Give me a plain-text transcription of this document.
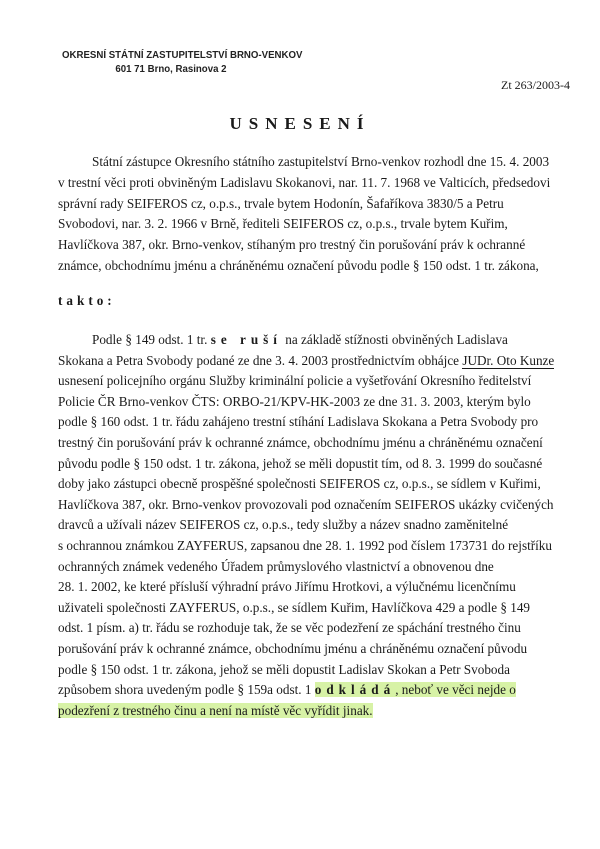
OKRESNÍ STÁTNÍ ZASTUPITELSTVÍ BRNO-VENKOV
601 71 Brno, Rasinova 2
Zt 263/2003-4
USNESENÍ
Státní zástupce Okresního státního zastupitelství Brno-venkov rozhodl dne 15. 4. 2003
v trestní věci proti obviněným Ladislavu Skokanovi, nar. 11. 7. 1968 ve Valticích, předsedovi
správní rady SEIFEROS cz, o.p.s., trvale bytem Hodonín, Šafaříkova 3830/5 a Petru
Svobodovi, nar. 3. 2. 1966 v Brně, řediteli SEIFEROS cz, o.p.s., trvale bytem Kuřim,
Havlíčkova 387, okr. Brno-venkov, stíhaným pro trestný čin porušování práv k ochranné
známce, obchodnímu jménu a chráněnému označení původu podle § 150 odst. 1 tr. zákona,
takto:
Podle § 149 odst. 1 tr. se ruší na základě stížnosti obviněných Ladislava
Skokana a Petra Svobody podané ze dne 3. 4. 2003 prostřednictvím obhájce JUDr. Oto Kunze
usnesení policejního orgánu Služby kriminální policie a vyšetřování Okresního ředitelství
Policie ČR Brno-venkov ČTS: ORBO-21/KPV-HK-2003 ze dne 31. 3. 2003, kterým bylo
podle § 160 odst. 1 tr. řádu zahájeno trestní stíhání Ladislava Skokana a Petra Svobody pro
trestný čin porušování práv k ochranné známce, obchodnímu jménu a chráněnému označení
původu podle § 150 odst. 1 tr. zákona, jehož se měli dopustit tím, od 8. 3. 1999 do současné
doby jako zástupci obecně prospěšné společnosti SEIFEROS cz, o.p.s., se sídlem v Kuřimi,
Havlíčkova 387, okr. Brno-venkov provozovali pod označením SEIFEROS ukázky cvičených
dravců a užívali název SEIFEROS cz, o.p.s., tedy služby a název snadno zaměnitelné
s ochrannou známkou ZAYFERUS, zapsanou dne 28. 1. 1992 pod číslem 173731 do rejstříku
ochranných známek vedeného Úřadem průmyslového vlastnictví a obnovenou dne
28. 1. 2002, ke které přísluší výhradní právo Jiřímu Hrotkovi, a výlučnému licenčnímu
uživateli společnosti ZAYFERUS, o.p.s., se sídlem Kuřim, Havlíčkova 429 a podle § 149
odst. 1 písm. a) tr. řádu se rozhoduje tak, že se věc podezření ze spáchání trestného činu
porušování práv k ochranné známce, obchodnímu jménu a chráněnému označení původu
podle § 150 odst. 1 tr. zákona, jehož se měli dopustit Ladislav Skokan a Petr Svoboda
způsobem shora uvedeným podle § 159a odst. 1 odkládá, neboť ve věci nejde o
podezření z trestného činu a není na místě věc vyřídit jinak.
